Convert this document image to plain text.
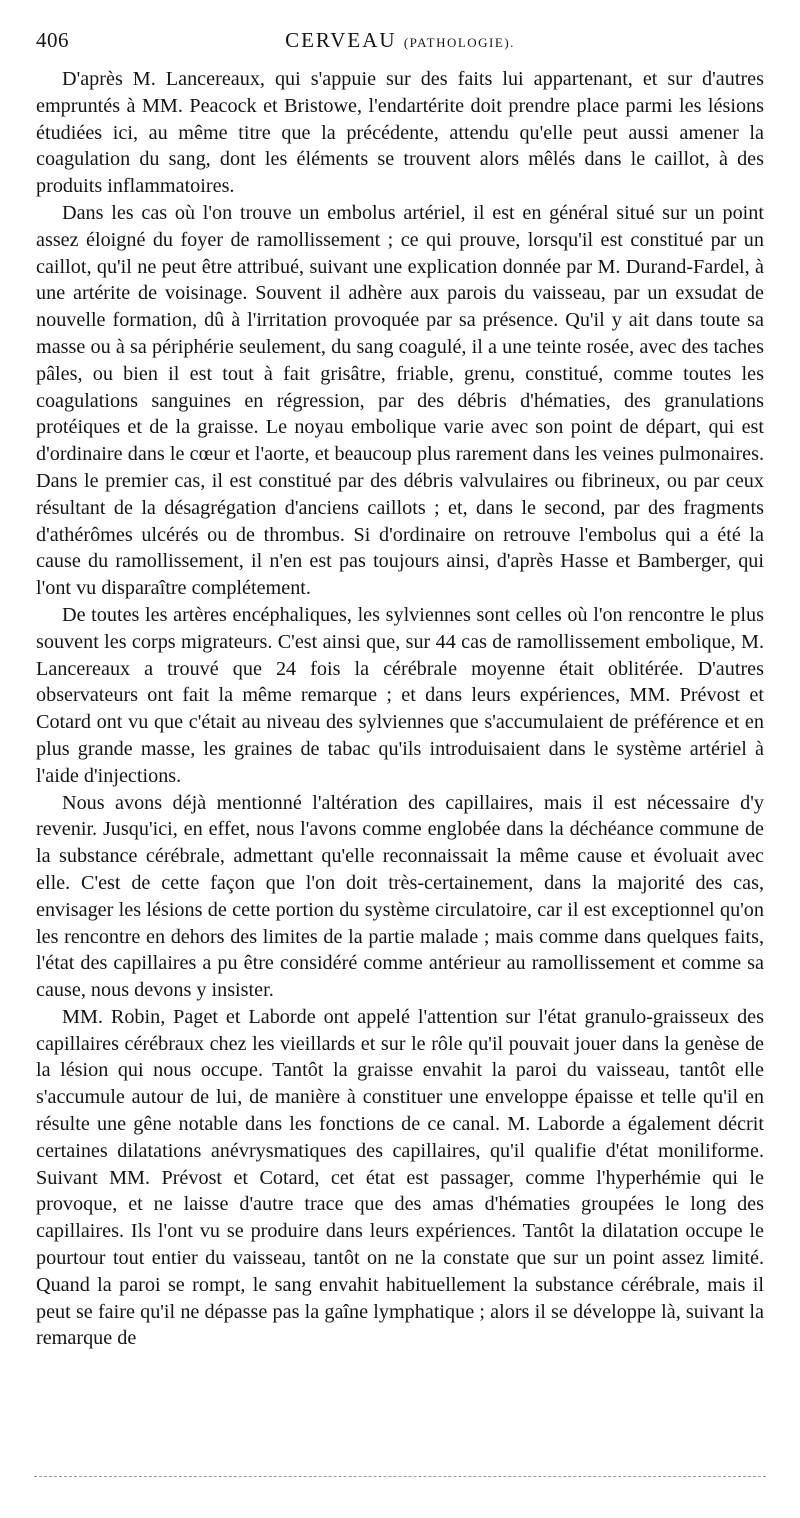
406	CERVEAU (PATHOLOGIE).

D'après M. Lancereaux, qui s'appuie sur des faits lui appartenant, et sur d'autres empruntés à MM. Peacock et Bristowe, l'endartérite doit prendre place parmi les lésions étudiées ici, au même titre que la précédente, attendu qu'elle peut aussi amener la coagulation du sang, dont les éléments se trouvent alors mêlés dans le caillot, à des produits inflammatoires.

Dans les cas où l'on trouve un embolus artériel, il est en général situé sur un point assez éloigné du foyer de ramollissement ; ce qui prouve, lorsqu'il est constitué par un caillot, qu'il ne peut être attribué, suivant une explication donnée par M. Durand-Fardel, à une artérite de voisinage. Souvent il adhère aux parois du vaisseau, par un exsudat de nouvelle formation, dû à l'irritation provoquée par sa présence. Qu'il y ait dans toute sa masse ou à sa périphérie seulement, du sang coagulé, il a une teinte rosée, avec des taches pâles, ou bien il est tout à fait grisâtre, friable, grenu, constitué, comme toutes les coagulations sanguines en régression, par des débris d'hématies, des granulations protéiques et de la graisse. Le noyau embolique varie avec son point de départ, qui est d'ordinaire dans le cœur et l'aorte, et beaucoup plus rarement dans les veines pulmonaires. Dans le premier cas, il est constitué par des débris valvulaires ou fibrineux, ou par ceux résultant de la désagrégation d'anciens caillots ; et, dans le second, par des fragments d'athérômes ulcérés ou de thrombus. Si d'ordinaire on retrouve l'embolus qui a été la cause du ramollissement, il n'en est pas toujours ainsi, d'après Hasse et Bamberger, qui l'ont vu disparaître complétement.

De toutes les artères encéphaliques, les sylviennes sont celles où l'on rencontre le plus souvent les corps migrateurs. C'est ainsi que, sur 44 cas de ramollissement embolique, M. Lancereaux a trouvé que 24 fois la cérébrale moyenne était oblitérée. D'autres observateurs ont fait la même remarque ; et dans leurs expériences, MM. Prévost et Cotard ont vu que c'était au niveau des sylviennes que s'accumulaient de préférence et en plus grande masse, les graines de tabac qu'ils introduisaient dans le système artériel à l'aide d'injections.

Nous avons déjà mentionné l'altération des capillaires, mais il est nécessaire d'y revenir. Jusqu'ici, en effet, nous l'avons comme englobée dans la déchéance commune de la substance cérébrale, admettant qu'elle reconnaissait la même cause et évoluait avec elle. C'est de cette façon que l'on doit très-certainement, dans la majorité des cas, envisager les lésions de cette portion du système circulatoire, car il est exceptionnel qu'on les rencontre en dehors des limites de la partie malade ; mais comme dans quelques faits, l'état des capillaires a pu être considéré comme antérieur au ramollissement et comme sa cause, nous devons y insister.

MM. Robin, Paget et Laborde ont appelé l'attention sur l'état granulo-graisseux des capillaires cérébraux chez les vieillards et sur le rôle qu'il pouvait jouer dans la genèse de la lésion qui nous occupe. Tantôt la graisse envahit la paroi du vaisseau, tantôt elle s'accumule autour de lui, de manière à constituer une enveloppe épaisse et telle qu'il en résulte une gêne notable dans les fonctions de ce canal. M. Laborde a également décrit certaines dilatations anévrysmatiques des capillaires, qu'il qualifie d'état moniliforme. Suivant MM. Prévost et Cotard, cet état est passager, comme l'hyperhémie qui le provoque, et ne laisse d'autre trace que des amas d'hématies groupées le long des capillaires. Ils l'ont vu se produire dans leurs expériences. Tantôt la dilatation occupe le pourtour tout entier du vaisseau, tantôt on ne la constate que sur un point assez limité. Quand la paroi se rompt, le sang envahit habituellement la substance cérébrale, mais il peut se faire qu'il ne dépasse pas la gaîne lymphatique ; alors il se développe là, suivant la remarque de
